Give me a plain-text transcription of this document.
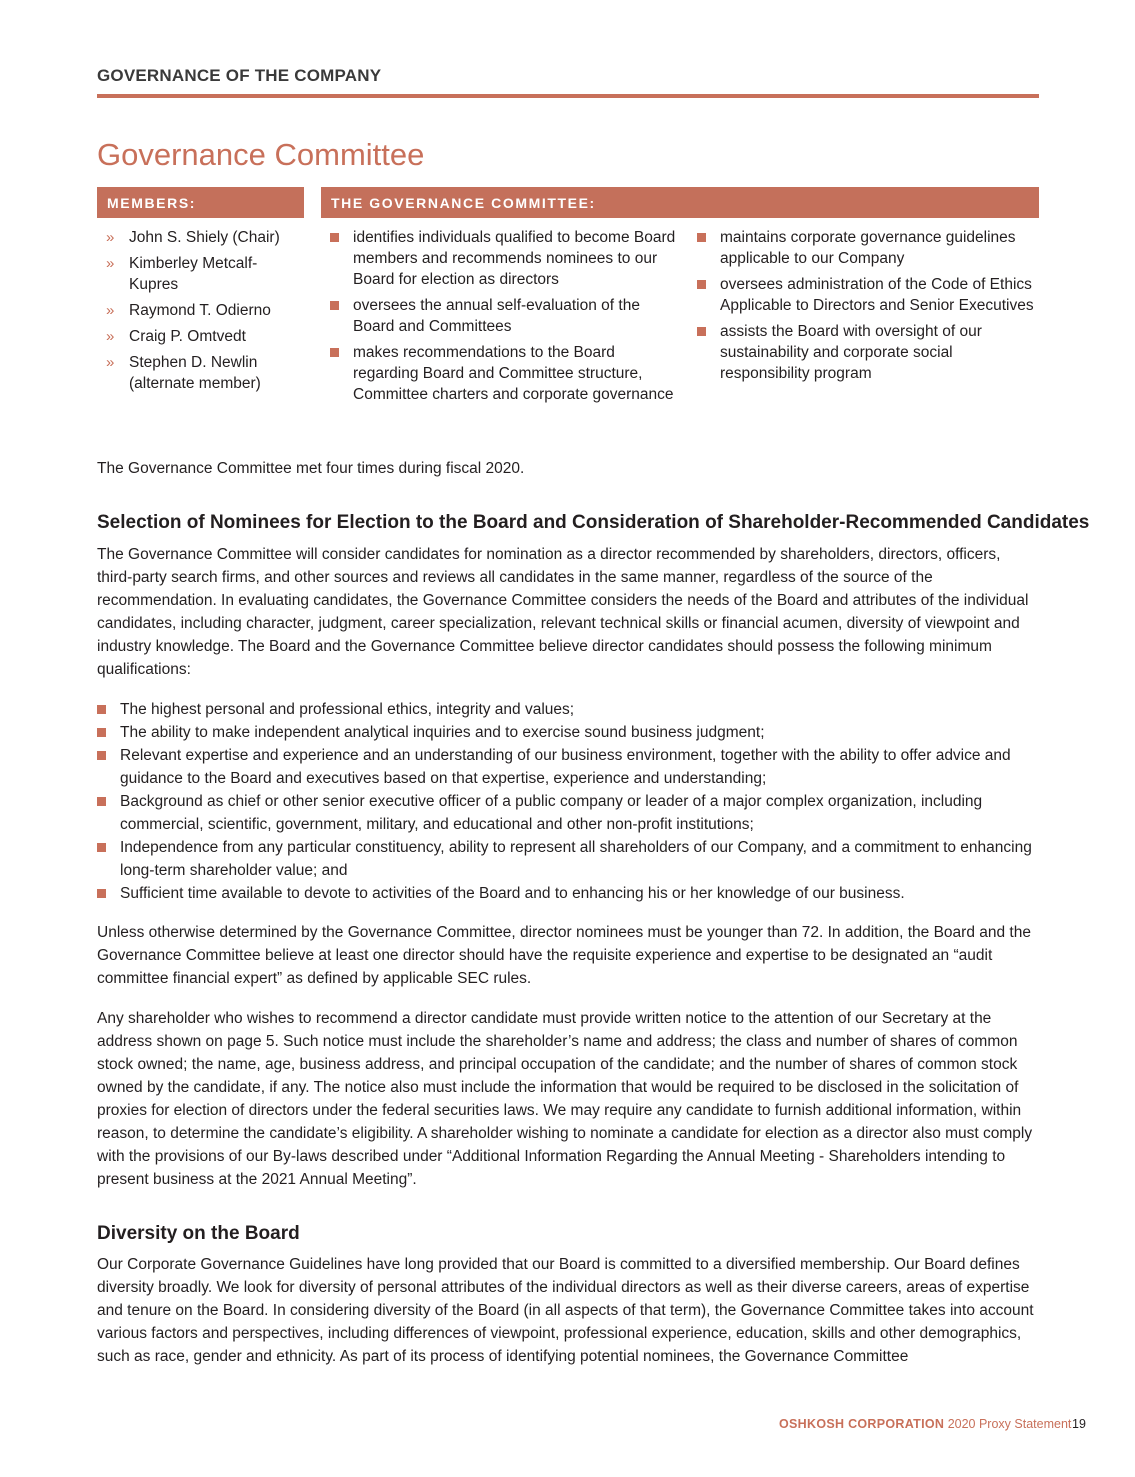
GOVERNANCE OF THE COMPANY
Governance Committee
MEMBERS:	THE GOVERNANCE COMMITTEE:
» John S. Shiely (Chair)
» Kimberley Metcalf-Kupres
» Raymond T. Odierno
» Craig P. Omtvedt
» Stephen D. Newlin (alternate member)
identifies individuals qualified to become Board members and recommends nominees to our Board for election as directors
oversees the annual self-evaluation of the Board and Committees
makes recommendations to the Board regarding Board and Committee structure, Committee charters and corporate governance
maintains corporate governance guidelines applicable to our Company
oversees administration of the Code of Ethics Applicable to Directors and Senior Executives
assists the Board with oversight of our sustainability and corporate social responsibility program

The Governance Committee met four times during fiscal 2020.

Selection of Nominees for Election to the Board and Consideration of Shareholder-Recommended Candidates

The Governance Committee will consider candidates for nomination as a director recommended by shareholders, directors, officers, third-party search firms, and other sources and reviews all candidates in the same manner, regardless of the source of the recommendation. In evaluating candidates, the Governance Committee considers the needs of the Board and attributes of the individual candidates, including character, judgment, career specialization, relevant technical skills or financial acumen, diversity of viewpoint and industry knowledge. The Board and the Governance Committee believe director candidates should possess the following minimum qualifications:

The highest personal and professional ethics, integrity and values;
The ability to make independent analytical inquiries and to exercise sound business judgment;
Relevant expertise and experience and an understanding of our business environment, together with the ability to offer advice and guidance to the Board and executives based on that expertise, experience and understanding;
Background as chief or other senior executive officer of a public company or leader of a major complex organization, including commercial, scientific, government, military, and educational and other non-profit institutions;
Independence from any particular constituency, ability to represent all shareholders of our Company, and a commitment to enhancing long-term shareholder value; and
Sufficient time available to devote to activities of the Board and to enhancing his or her knowledge of our business.

Unless otherwise determined by the Governance Committee, director nominees must be younger than 72. In addition, the Board and the Governance Committee believe at least one director should have the requisite experience and expertise to be designated an “audit committee financial expert” as defined by applicable SEC rules.

Any shareholder who wishes to recommend a director candidate must provide written notice to the attention of our Secretary at the address shown on page 5. Such notice must include the shareholder’s name and address; the class and number of shares of common stock owned; the name, age, business address, and principal occupation of the candidate; and the number of shares of common stock owned by the candidate, if any. The notice also must include the information that would be required to be disclosed in the solicitation of proxies for election of directors under the federal securities laws. We may require any candidate to furnish additional information, within reason, to determine the candidate’s eligibility. A shareholder wishing to nominate a candidate for election as a director also must comply with the provisions of our By-laws described under “Additional Information Regarding the Annual Meeting - Shareholders intending to present business at the 2021 Annual Meeting”.

Diversity on the Board

Our Corporate Governance Guidelines have long provided that our Board is committed to a diversified membership. Our Board defines diversity broadly. We look for diversity of personal attributes of the individual directors as well as their diverse careers, areas of expertise and tenure on the Board. In considering diversity of the Board (in all aspects of that term), the Governance Committee takes into account various factors and perspectives, including differences of viewpoint, professional experience, education, skills and other demographics, such as race, gender and ethnicity. As part of its process of identifying potential nominees, the Governance Committee

OSHKOSH CORPORATION 2020 Proxy Statement 19
